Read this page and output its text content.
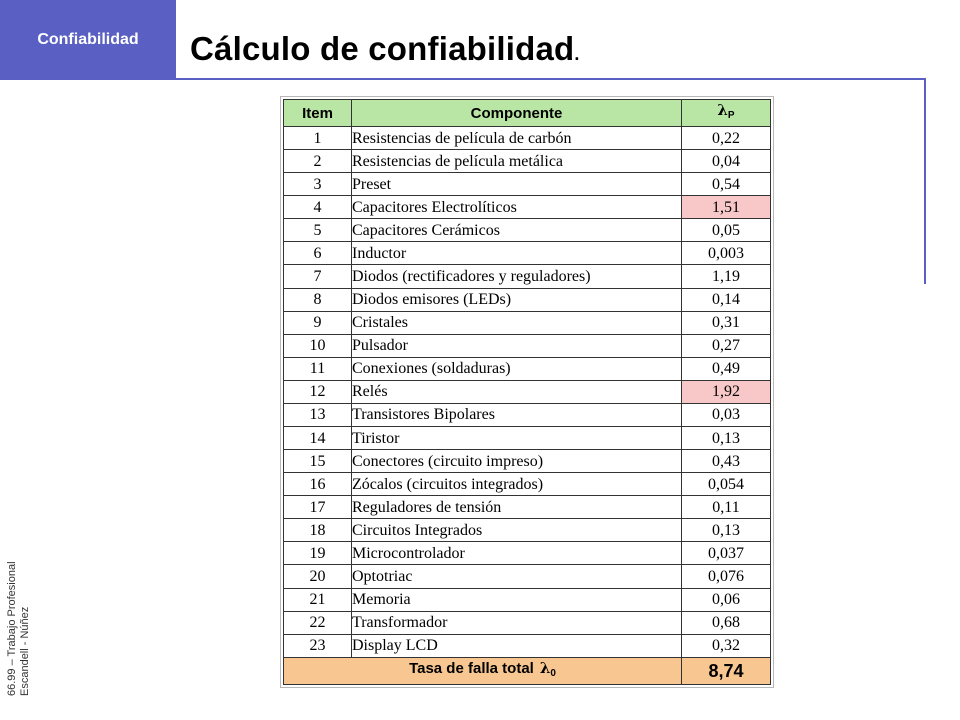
Confiabilidad	Cálculo de confiabilidad.
66.99 – Trabajo Profesional Escandell - Núñez
Item	Componente	$\lambda_P$
1	Resistencias de película de carbón	0,22
2	Resistencias de película metálica	0,04
3	Preset	0,54
4	Capacitores Electrolíticos	1,51
5	Capacitores Cerámicos	0,05
6	Inductor	0,003
7	Diodos (rectificadores y reguladores)	1,19
8	Diodos emisores (LEDs)	0,14
9	Cristales	0,31
10	Pulsador	0,27
11	Conexiones (soldaduras)	0,49
12	Relés	1,92
13	Transistores Bipolares	0,03
14	Tiristor	0,13
15	Conectores (circuito impreso)	0,43
16	Zócalos (circuitos integrados)	0,054
17	Reguladores de tensión	0,11
18	Circuitos Integrados	0,13
19	Microcontrolador	0,037
20	Optotriac	0,076
21	Memoria	0,06
22	Transformador	0,68
23	Display LCD	0,32
Tasa de falla total $\lambda_0$		8,74
